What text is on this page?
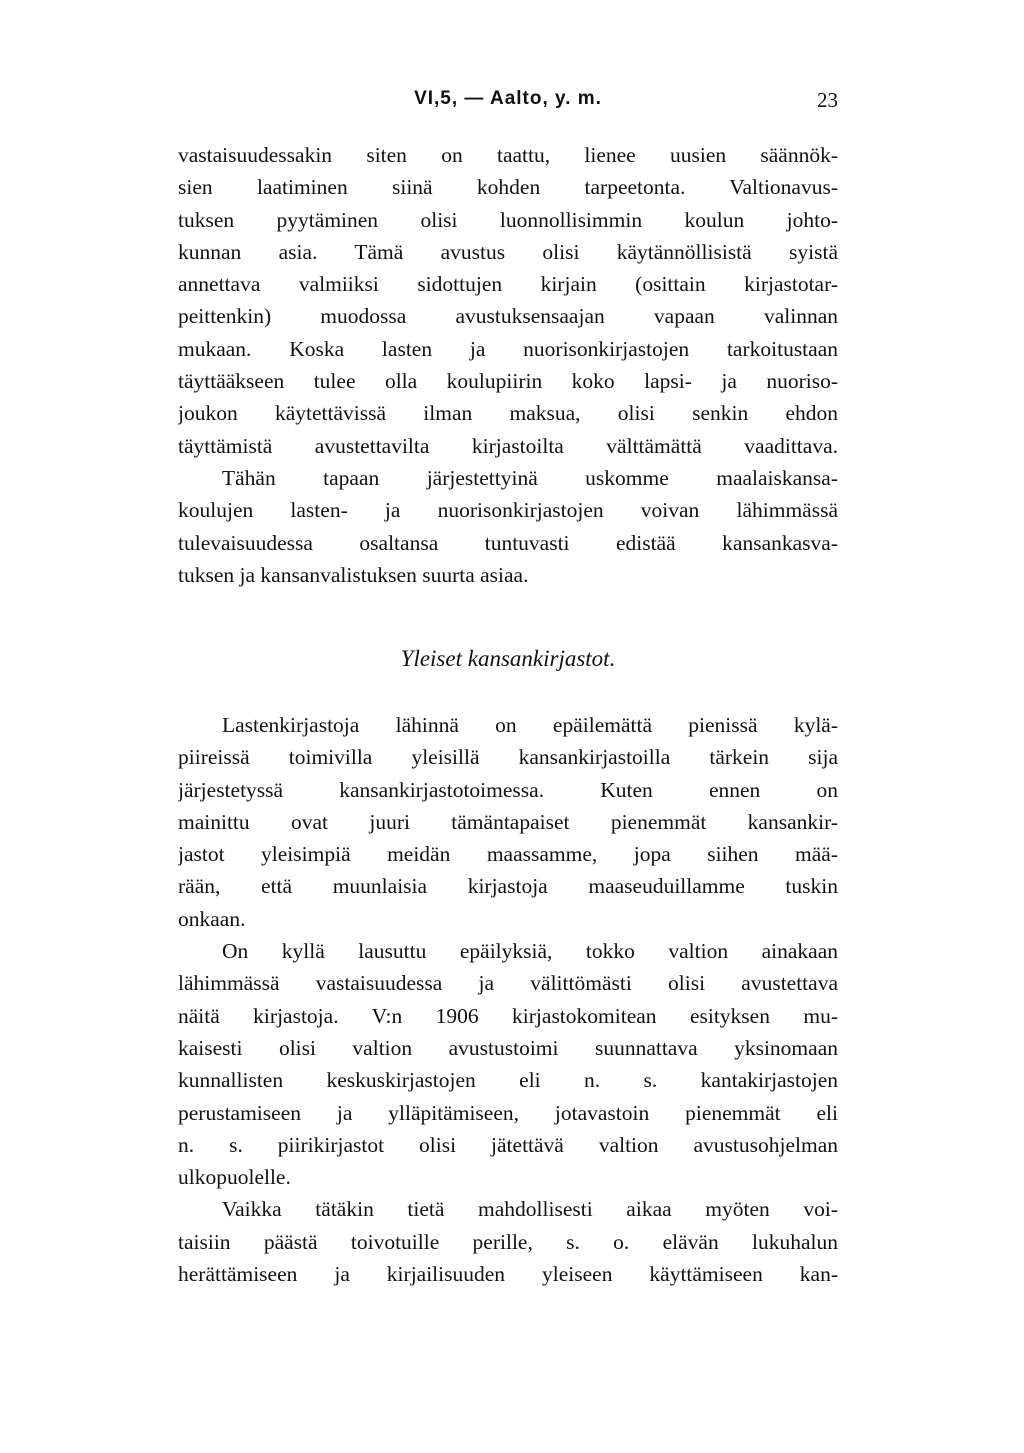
VI,5, — Aalto, y. m.	23
vastaisuudessakin siten on taattu, lienee uusien säännök-
sien laatiminen siinä kohden tarpeetonta. Valtionavus-
tuksen pyytäminen olisi luonnollisimmin koulun johto-
kunnan asia. Tämä avustus olisi käytännöllisistä syistä
annettava valmiiksi sidottujen kirjain (osittain kirjastotar-
peittenkin) muodossa avustuksensaajan vapaan valinnan
mukaan. Koska lasten ja nuorisonkirjastojen tarkoitustaan
täyttääkseen tulee olla koulupiirin koko lapsi- ja nuoriso-
joukon käytettävissä ilman maksua, olisi senkin ehdon
täyttämistä avustettavilta kirjastoilta välttämättä vaadittava.
Tähän tapaan järjestettyinä uskomme maalaiskansa-
koulujen lasten- ja nuorisonkirjastojen voivan lähimmässä
tulevaisuudessa osaltansa tuntuvasti edistää kansankasva-
tuksen ja kansanvalistuksen suurta asiaa.
Yleiset kansankirjastot.
Lastenkirjastoja lähinnä on epäilemättä pienissä kylä-
piireissä toimivilla yleisillä kansankirjastoilla tärkein sija
järjestetyssä kansankirjastotoimessa. Kuten ennen on
mainittu ovat juuri tämäntapaiset pienemmät kansankir-
jastot yleisimpiä meidän maassamme, jopa siihen mää-
rään, että muunlaisia kirjastoja maaseuduillamme tuskin
onkaan.
On kyllä lausuttu epäilyksiä, tokko valtion ainakaan
lähimmässä vastaisuudessa ja välittömästi olisi avustettava
näitä kirjastoja. V:n 1906 kirjastokomitean esityksen mu-
kaisesti olisi valtion avustustoimi suunnattava yksinomaan
kunnallisten keskuskirjastojen eli n. s. kantakirjastojen
perustamiseen ja ylläpitämiseen, jotavastoin pienemmät eli
n. s. piirikirjastot olisi jätettävä valtion avustusohjelman
ulkopuolelle.
Vaikka tätäkin tietä mahdollisesti aikaa myöten voi-
taisiin päästä toivotuille perille, s. o. elävän lukuhalun
herättämiseen ja kirjailisuuden yleiseen käyttämiseen kan-
